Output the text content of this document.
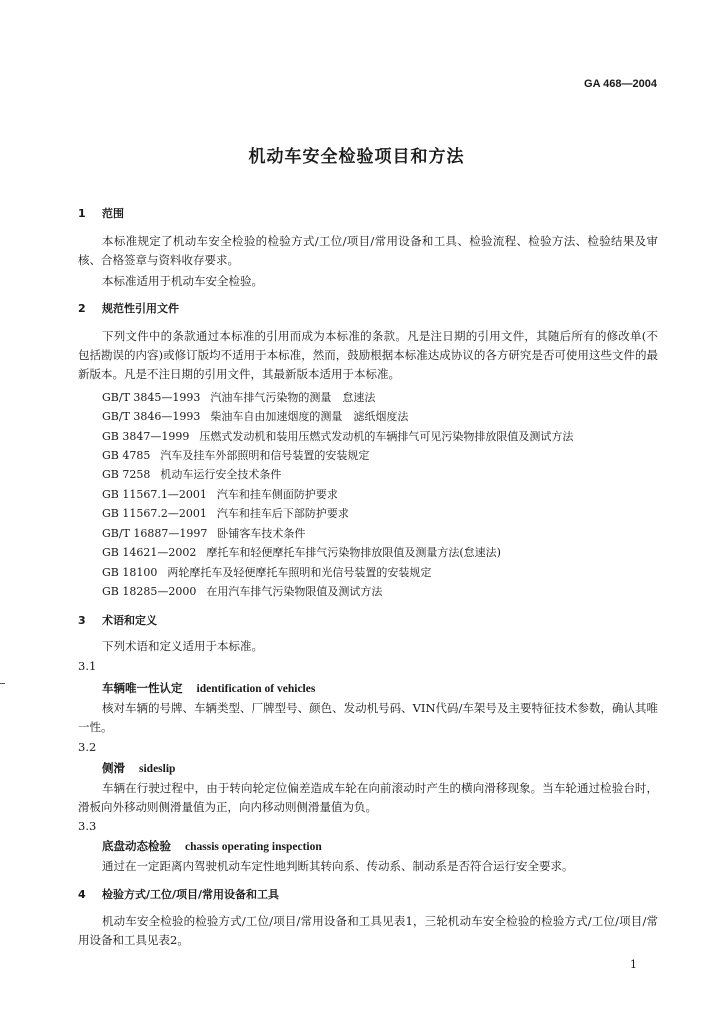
GA 468—2004
机动车安全检验项目和方法
1 范围
本标准规定了机动车安全检验的检验方式/工位/项目/常用设备和工具、检验流程、检验方法、检验结果及审核、合格签章与资料收存要求。
本标准适用于机动车安全检验。
2 规范性引用文件
下列文件中的条款通过本标准的引用而成为本标准的条款。凡是注日期的引用文件，其随后所有的修改单(不包括勘误的内容)或修订版均不适用于本标准，然而，鼓励根据本标准达成协议的各方研究是否可使用这些文件的最新版本。凡是不注日期的引用文件，其最新版本适用于本标准。
GB/T 3845—1993 汽油车排气污染物的测量　怠速法
GB/T 3846—1993 柴油车自由加速烟度的测量　滤纸烟度法
GB 3847—1999 压燃式发动机和装用压燃式发动机的车辆排气可见污染物排放限值及测试方法
GB 4785 汽车及挂车外部照明和信号装置的安装规定
GB 7258 机动车运行安全技术条件
GB 11567.1—2001 汽车和挂车侧面防护要求
GB 11567.2—2001 汽车和挂车后下部防护要求
GB/T 16887—1997 卧铺客车技术条件
GB 14621—2002 摩托车和轻便摩托车排气污染物排放限值及测量方法(怠速法)
GB 18100 两轮摩托车及轻便摩托车照明和光信号装置的安装规定
GB 18285—2000 在用汽车排气污染物限值及测试方法
3 术语和定义
下列术语和定义适用于本标准。
3.1
车辆唯一性认定 identification of vehicles
核对车辆的号牌、车辆类型、厂牌型号、颜色、发动机号码、VIN代码/车架号及主要特征技术参数，确认其唯一性。
3.2
侧滑 sideslip
车辆在行驶过程中，由于转向轮定位偏差造成车轮在向前滚动时产生的横向滑移现象。当车轮通过检验台时，滑板向外移动则侧滑量值为正，向内移动则侧滑量值为负。
3.3
底盘动态检验 chassis operating inspection
通过在一定距离内驾驶机动车定性地判断其转向系、传动系、制动系是否符合运行安全要求。
4 检验方式/工位/项目/常用设备和工具
机动车安全检验的检验方式/工位/项目/常用设备和工具见表1，三轮机动车安全检验的检验方式/工位/项目/常用设备和工具见表2。
1
